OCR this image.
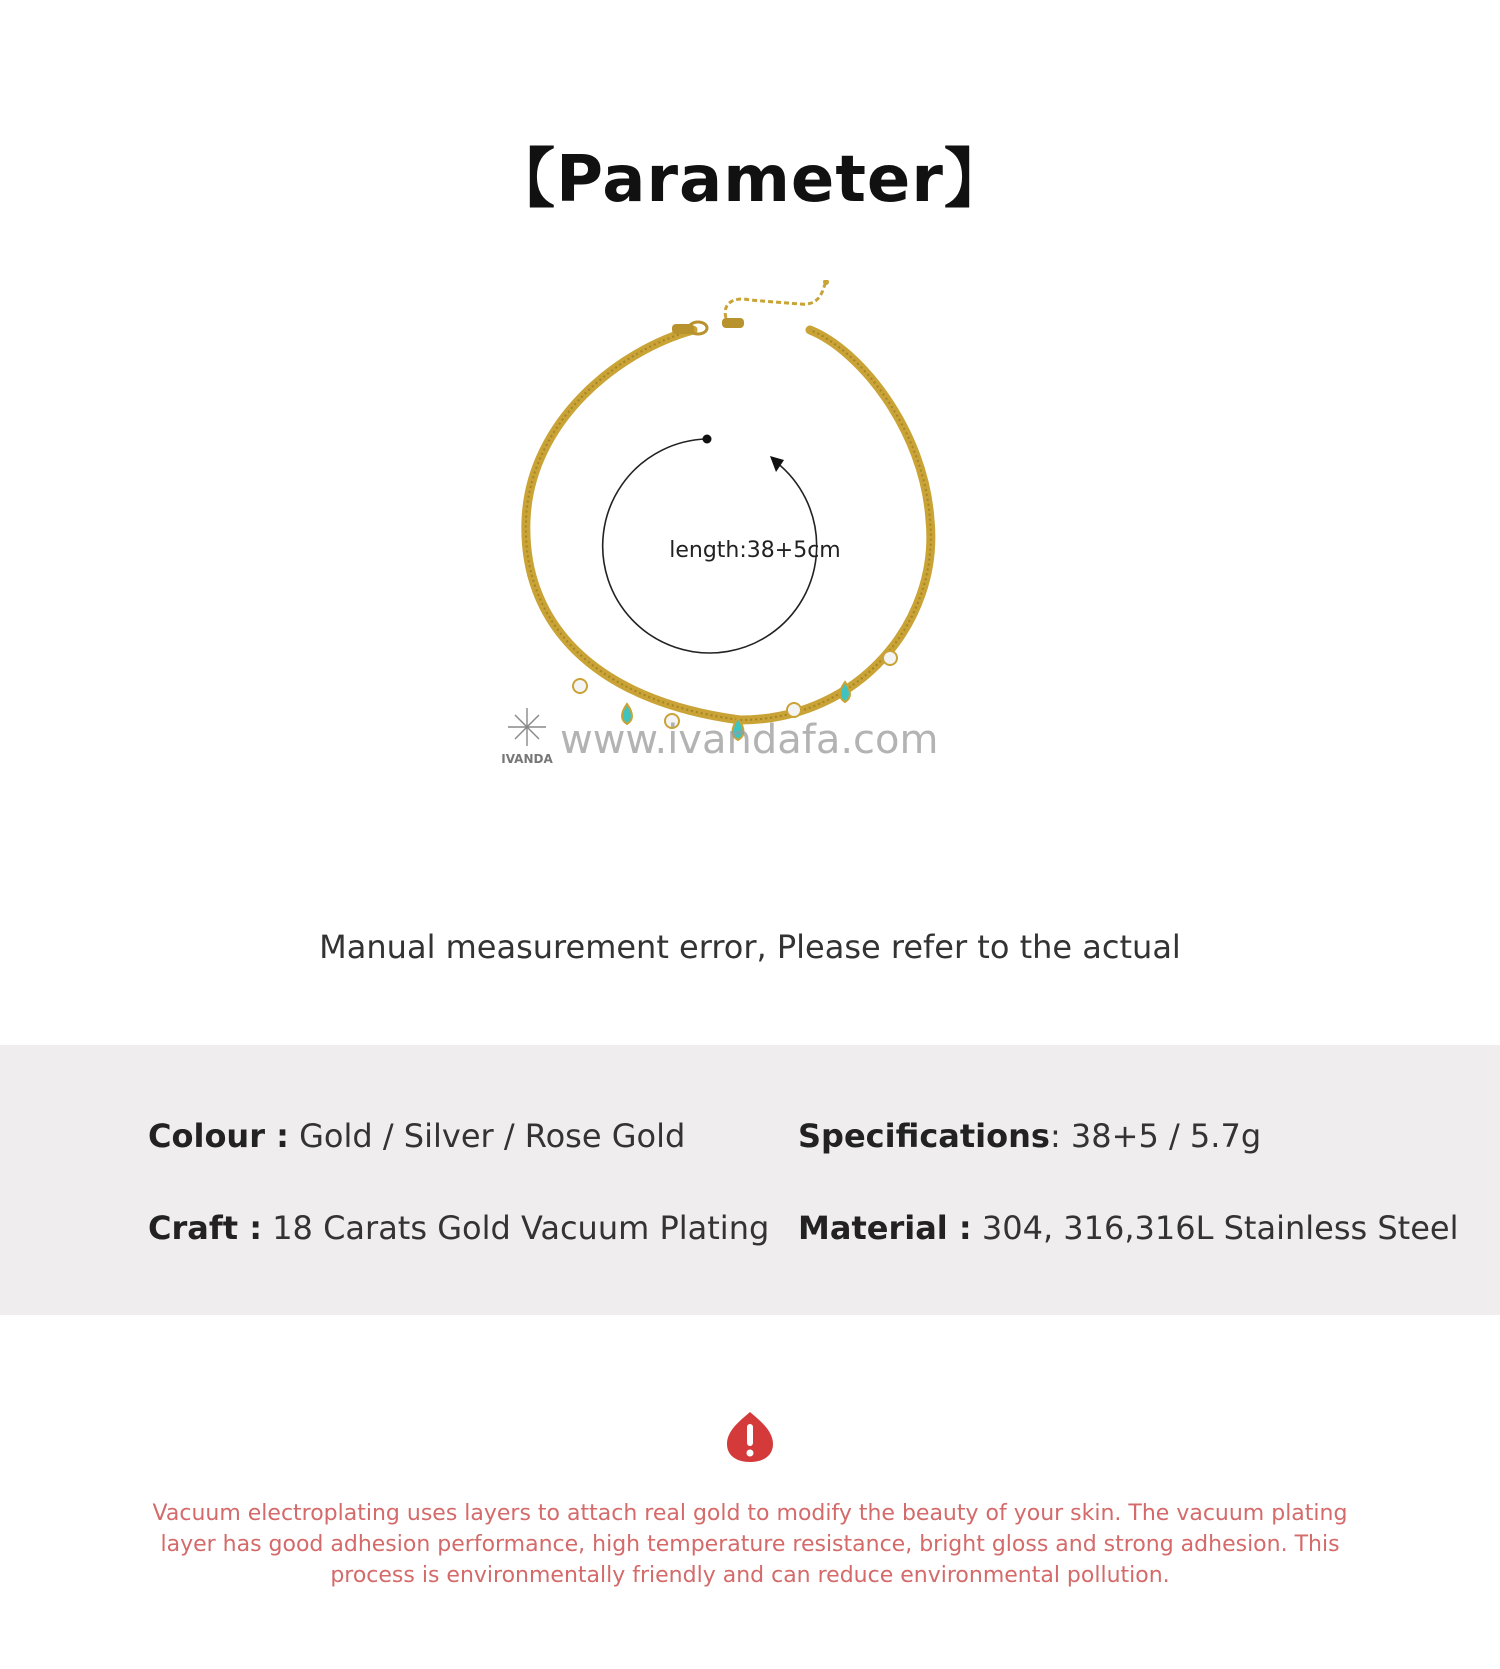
【Parameter】
IVANDA www.ivandafa.com
length:38+5cm
Manual measurement error, Please refer to the actual
Colour : Gold / Silver / Rose Gold	Specifications: 38+5 / 5.7g
Craft : 18 Carats Gold Vacuum Plating Material : 304, 316,316L Stainless Steel
Vacuum electroplating uses layers to attach real gold to modify the beauty of your skin. The vacuum plating layer has good adhesion performance, high temperature resistance, bright gloss and strong adhesion. This process is environmentally friendly and can reduce environmental pollution.
